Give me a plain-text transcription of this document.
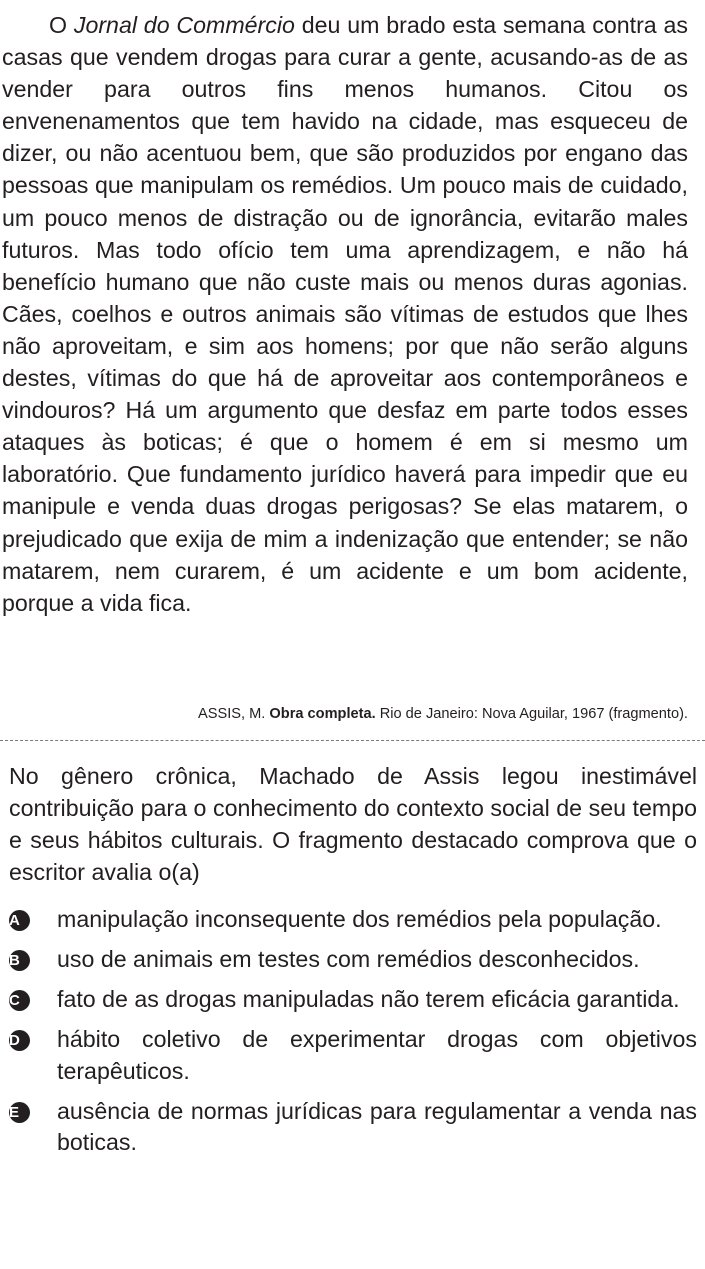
O Jornal do Commércio deu um brado esta semana contra as casas que vendem drogas para curar a gente, acusando-as de as vender para outros fins menos humanos. Citou os envenenamentos que tem havido na cidade, mas esqueceu de dizer, ou não acentuou bem, que são produzidos por engano das pessoas que manipulam os remédios. Um pouco mais de cuidado, um pouco menos de distração ou de ignorância, evitarão males futuros. Mas todo ofício tem uma aprendizagem, e não há benefício humano que não custe mais ou menos duras agonias. Cães, coelhos e outros animais são vítimas de estudos que lhes não aproveitam, e sim aos homens; por que não serão alguns destes, vítimas do que há de aproveitar aos contemporâneos e vindouros? Há um argumento que desfaz em parte todos esses ataques às boticas; é que o homem é em si mesmo um laboratório. Que fundamento jurídico haverá para impedir que eu manipule e venda duas drogas perigosas? Se elas matarem, o prejudicado que exija de mim a indenização que entender; se não matarem, nem curarem, é um acidente e um bom acidente, porque a vida fica.

ASSIS, M. Obra completa. Rio de Janeiro: Nova Aguilar, 1967 (fragmento).

No gênero crônica, Machado de Assis legou inestimável contribuição para o conhecimento do contexto social de seu tempo e seus hábitos culturais. O fragmento destacado comprova que o escritor avalia o(a)

A	manipulação inconsequente dos remédios pela população.
B	uso de animais em testes com remédios desconhecidos.
C	fato de as drogas manipuladas não terem eficácia garantida.
D	hábito coletivo de experimentar drogas com objetivos terapêuticos.
E	ausência de normas jurídicas para regulamentar a venda nas boticas.
